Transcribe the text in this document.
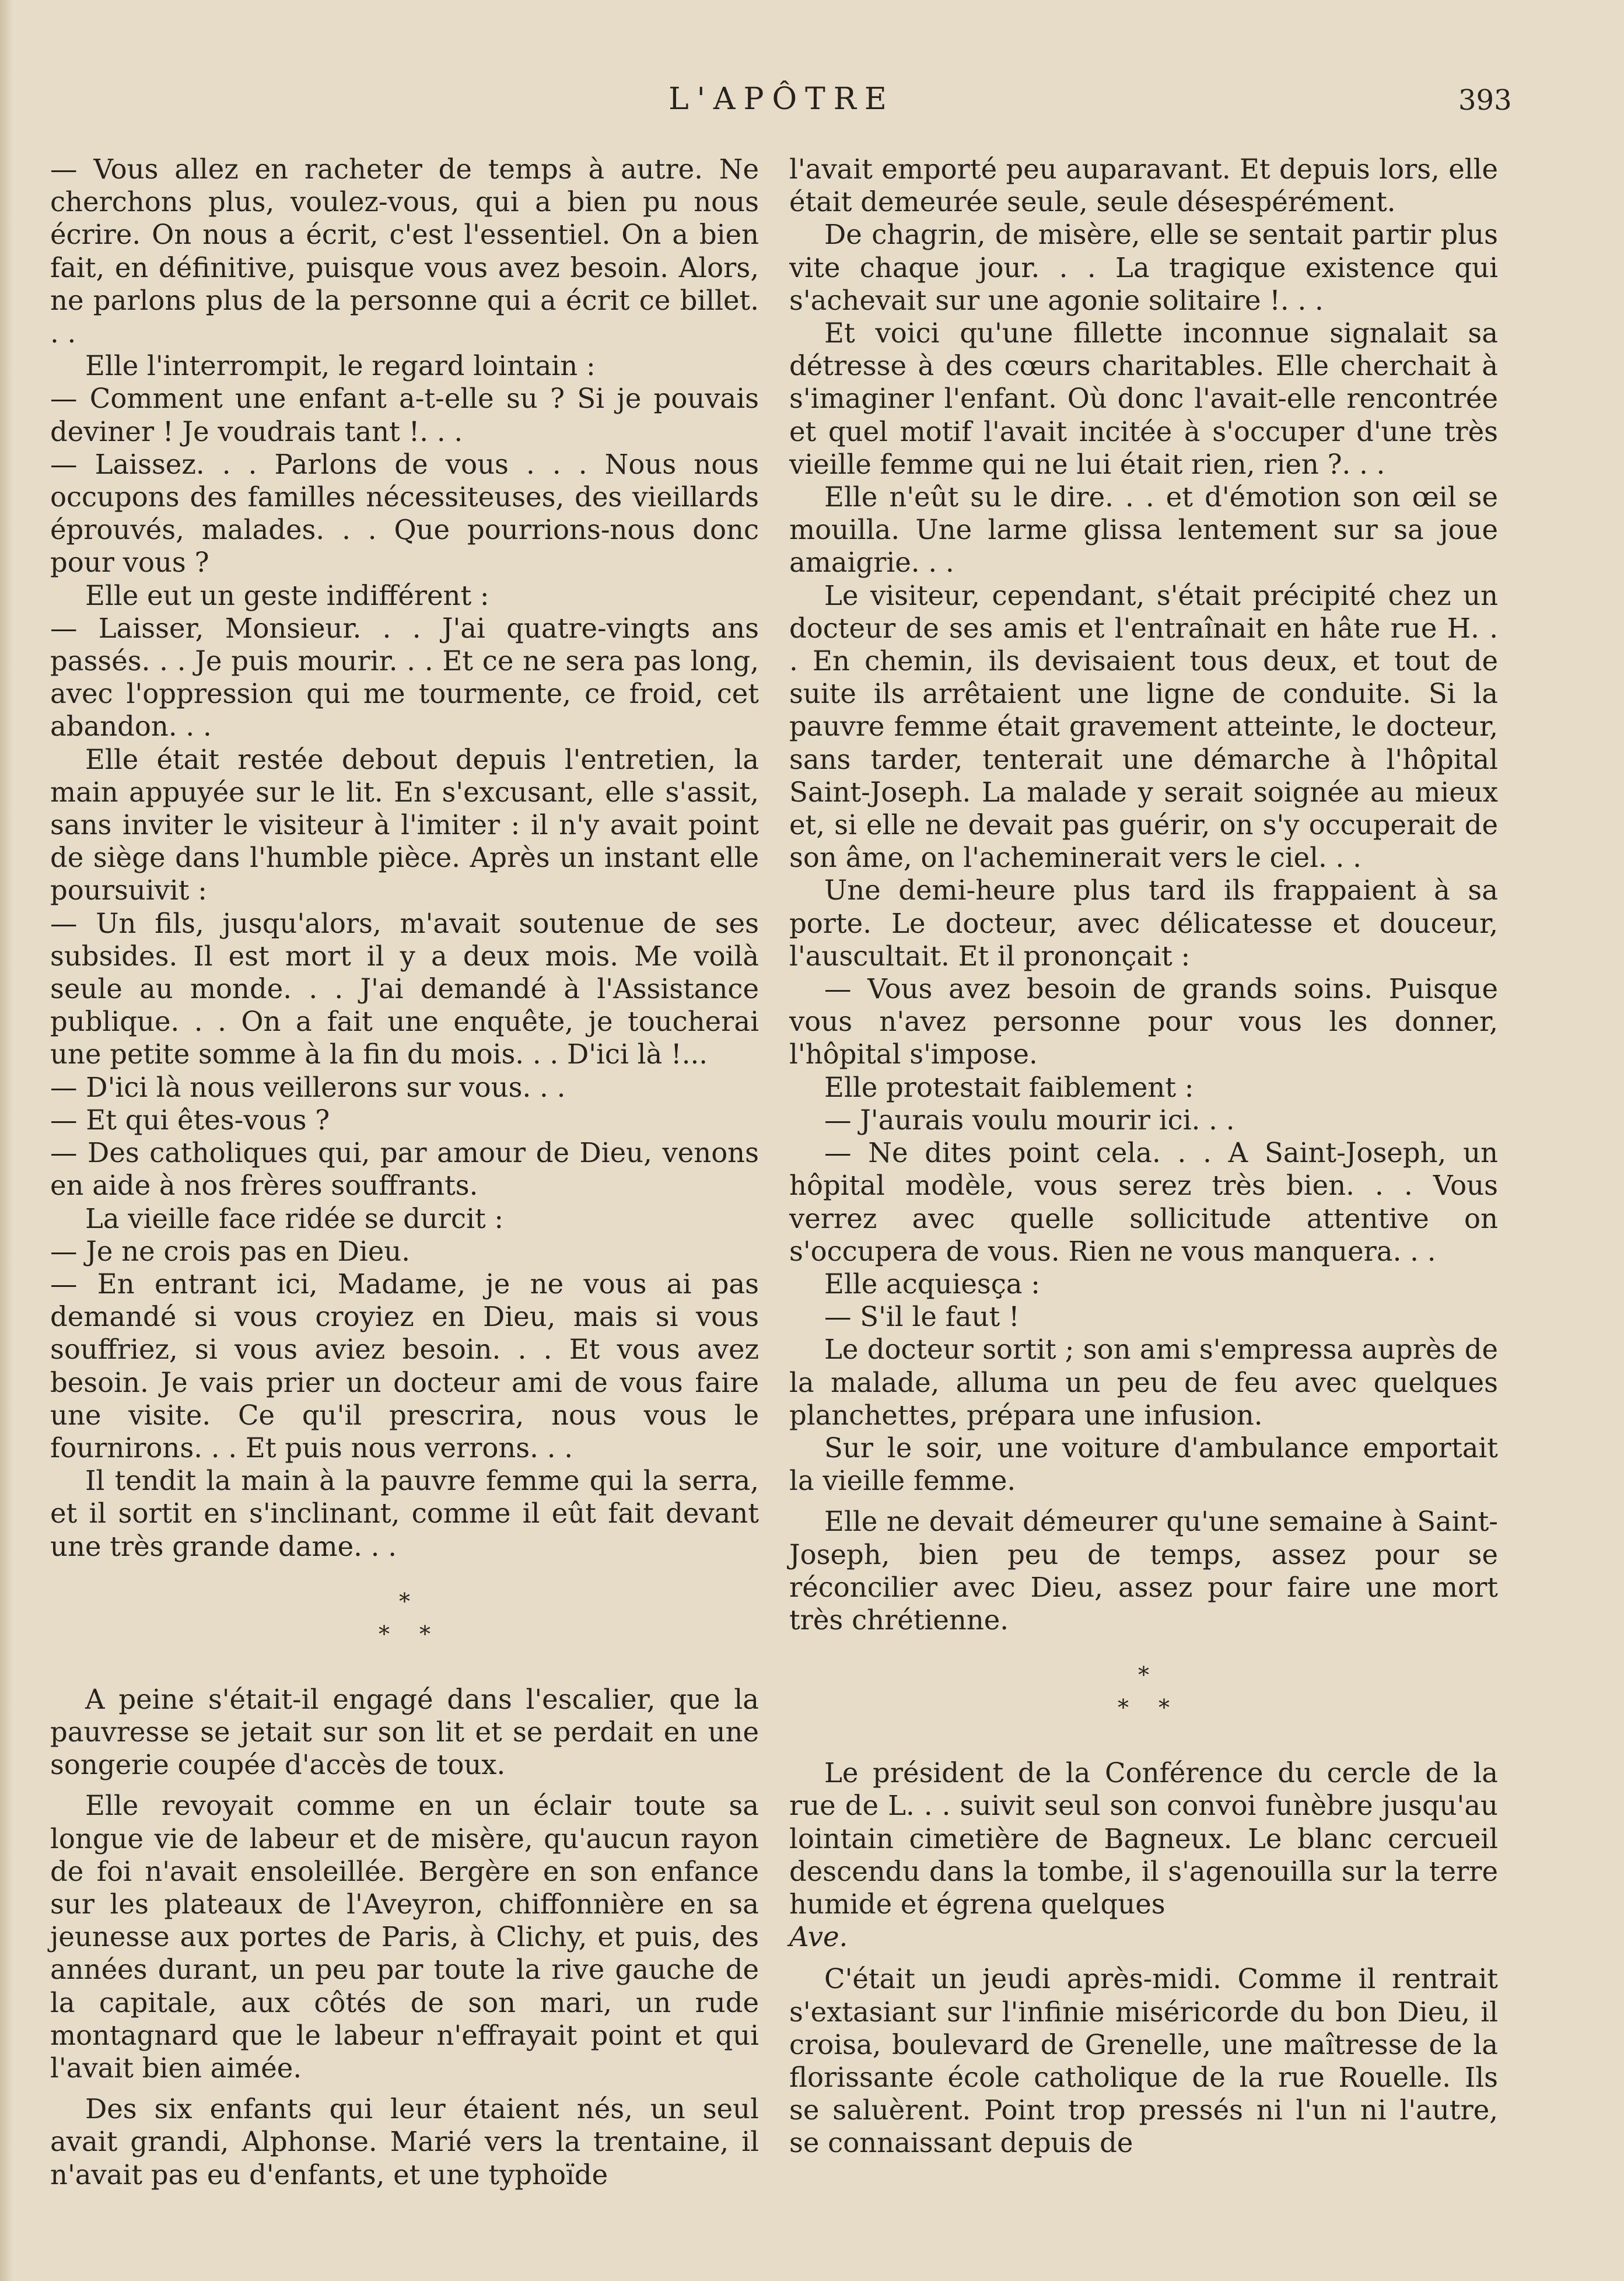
L'APÔTRE	393

— Vous allez en racheter de temps à autre. Ne cherchons plus, voulez-vous, qui a bien pu nous écrire. On nous a écrit, c'est l'essentiel. On a bien fait, en définitive, puisque vous avez besoin. Alors, ne parlons plus de la personne qui a écrit ce billet. . .

Elle l'interrompit, le regard lointain :

— Comment une enfant a-t-elle su ? Si je pouvais deviner ! Je voudrais tant !. . .

— Laissez. . . Parlons de vous . . . Nous nous occupons des familles nécessiteuses, des vieillards éprouvés, malades. . . Que pourrions-nous donc pour vous ?

Elle eut un geste indifférent :

— Laisser, Monsieur. . . J'ai quatre-vingts ans passés. . . Je puis mourir. . . Et ce ne sera pas long, avec l'oppression qui me tourmente, ce froid, cet abandon. . .

Elle était restée debout depuis l'entretien, la main appuyée sur le lit. En s'excusant, elle s'assit, sans inviter le visiteur à l'imiter : il n'y avait point de siège dans l'humble pièce. Après un instant elle poursuivit :

— Un fils, jusqu'alors, m'avait soutenue de ses subsides. Il est mort il y a deux mois. Me voilà seule au monde. . . J'ai demandé à l'Assistance publique. . . On a fait une enquête, je toucherai une petite somme à la fin du mois. . . D'ici là !...

— D'ici là nous veillerons sur vous. . .

— Et qui êtes-vous ?

— Des catholiques qui, par amour de Dieu, venons en aide à nos frères souffrants.

La vieille face ridée se durcit :

— Je ne crois pas en Dieu.

— En entrant ici, Madame, je ne vous ai pas demandé si vous croyiez en Dieu, mais si vous souffriez, si vous aviez besoin. . . Et vous avez besoin. Je vais prier un docteur ami de vous faire une visite. Ce qu'il prescrira, nous vous le fournirons. . . Et puis nous verrons. . .

Il tendit la main à la pauvre femme qui la serra, et il sortit en s'inclinant, comme il eût fait devant une très grande dame. . .

*

* *

A peine s'était-il engagé dans l'escalier, que la pauvresse se jetait sur son lit et se perdait en une songerie coupée d'accès de toux.

Elle revoyait comme en un éclair toute sa longue vie de labeur et de misère, qu'aucun rayon de foi n'avait ensoleillée. Bergère en son enfance sur les plateaux de l'Aveyron, chiffonnière en sa jeunesse aux portes de Paris, à Clichy, et puis, des années durant, un peu par toute la rive gauche de la capitale, aux côtés de son mari, un rude montagnard que le labeur n'effrayait point et qui l'avait bien aimée.

Des six enfants qui leur étaient nés, un seul avait grandi, Alphonse. Marié vers la trentaine, il n'avait pas eu d'enfants, et une typhoïde

l'avait emporté peu auparavant. Et depuis lors, elle était demeurée seule, seule désespérément.

De chagrin, de misère, elle se sentait partir plus vite chaque jour. . . La tragique existence qui s'achevait sur une agonie solitaire !. . .

Et voici qu'une fillette inconnue signalait sa détresse à des cœurs charitables. Elle cherchait à s'imaginer l'enfant. Où donc l'avait-elle rencontrée et quel motif l'avait incitée à s'occuper d'une très vieille femme qui ne lui était rien, rien ?. . .

Elle n'eût su le dire. . . et d'émotion son œil se mouilla. Une larme glissa lentement sur sa joue amaigrie. . .

Le visiteur, cependant, s'était précipité chez un docteur de ses amis et l'entraînait en hâte rue H. . . En chemin, ils devisaient tous deux, et tout de suite ils arrêtaient une ligne de conduite. Si la pauvre femme était gravement atteinte, le docteur, sans tarder, tenterait une démarche à l'hôpital Saint-Joseph. La malade y serait soignée au mieux et, si elle ne devait pas guérir, on s'y occuperait de son âme, on l'acheminerait vers le ciel. . .

Une demi-heure plus tard ils frappaient à sa porte. Le docteur, avec délicatesse et douceur, l'auscultait. Et il prononçait :

— Vous avez besoin de grands soins. Puisque vous n'avez personne pour vous les donner, l'hôpital s'impose.

Elle protestait faiblement :

— J'aurais voulu mourir ici. . .

— Ne dites point cela. . . A Saint-Joseph, un hôpital modèle, vous serez très bien. . . Vous verrez avec quelle sollicitude attentive on s'occupera de vous. Rien ne vous manquera. . .

Elle acquiesça :

— S'il le faut !

Le docteur sortit ; son ami s'empressa auprès de la malade, alluma un peu de feu avec quelques planchettes, prépara une infusion.

Sur le soir, une voiture d'ambulance emportait la vieille femme.

Elle ne devait démeurer qu'une semaine à Saint-Joseph, bien peu de temps, assez pour se réconcilier avec Dieu, assez pour faire une mort très chrétienne.

*

* *

Le président de la Conférence du cercle de la rue de L. . . suivit seul son convoi funèbre jusqu'au lointain cimetière de Bagneux. Le blanc cercueil descendu dans la tombe, il s'agenouilla sur la terre humide et égrena quelques

Ave.

C'était un jeudi après-midi. Comme il rentrait s'extasiant sur l'infinie miséricorde du bon Dieu, il croisa, boulevard de Grenelle, une maîtresse de la florissante école catholique de la rue Rouelle. Ils se saluèrent. Point trop pressés ni l'un ni l'autre, se connaissant depuis de
